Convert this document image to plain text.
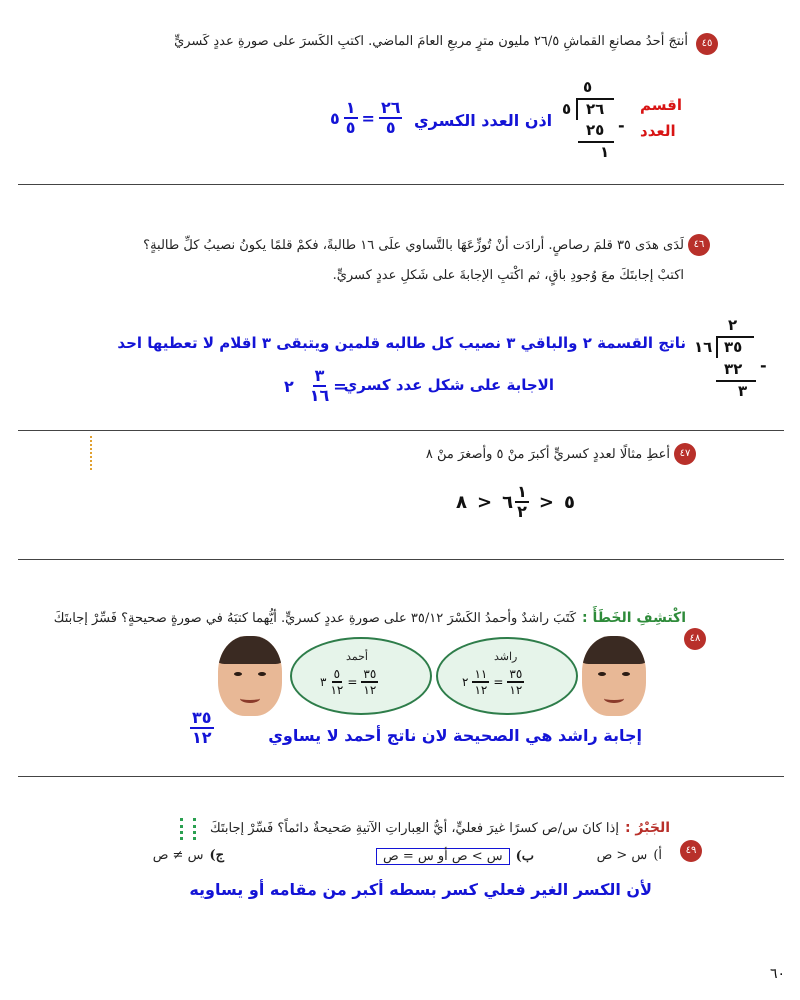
٤٥
أنتجَ أحدُ مصانعِ القماشِ ٢٦/٥ مليون مترٍ مربعِ العامَ الماضي. اكتبِ الكَسرَ على صورةِ عددٍ كَسريٍّ
اقسم
العدد
٥
٥ ٢٦
-
٢٥
١
اذن العدد الكسري
٥ $\frac{١}{٥} = \frac{٢٦}{٥}$
٤٦
لَدَى هدَى ٣٥ قلمَ رصاصٍ. أرادَت أنْ تُوزِّعَهَا بالتَّساوي علَى ١٦ طالبةً، فكمْ قلمًا يكونُ نصيبُ كلِّ طالبةٍ؟
اكتبْ إجابتَكَ معَ وُجودِ باقٍ، ثم اكْتبِ الإجابةَ على شَكلِ عددٍ كسريٍّ.
٢
١٦ ٣٥
-
٣٢
٣
ناتج القسمة ٢ والباقي ٣ نصيب كل طالبه قلمين ويتبقى ٣ اقلام لا تعطيها احد
الاجابة على شكل عدد كسري
٢ $\frac{٣}{١٦}$ =
٤٧
أعطِ مثالًا لعددٍ كسريٍّ أكبرَ منْ ٥ وأصغرَ منْ ٨
٨ > ٦ $\frac{١}{٢}$ > ٥
اكْتشِفِ الخَطَأَ :
كَتَبَ راشدٌ وأحمدُ الكَسْرَ ٣٥/١٢ على صورةِ عددٍ كسريٍّ. أيُّهما كتبَهُ في صورةٍ صحيحةٍ؟ فَسِّرْ إجابتَكَ
٤٨
راشد
٢ $\frac{١١}{١٢} = \frac{٣٥}{١٢}$
أحمد
٣ $\frac{٥}{١٢} = \frac{٣٥}{١٢}$
إجابة راشد هي الصحيحة لان ناتج أحمد لا يساوي
$\frac{٣٥}{١٢}$
الجَبْرُ :
إذا كانَ س/ص كسرًا غيرَ فعليٍّ، أيُّ العِباراتِ الآتيةِ صَحيحةٌ دائماً؟ فَسِّرْ إجابتَكَ
٤٩
أ)
س < ص
ب)
س > ص أو س = ص
ج)
س ≠ ص
لأن الكسر الغير فعلي كسر بسطه أكبر من مقامه أو يساويه
٦٠
